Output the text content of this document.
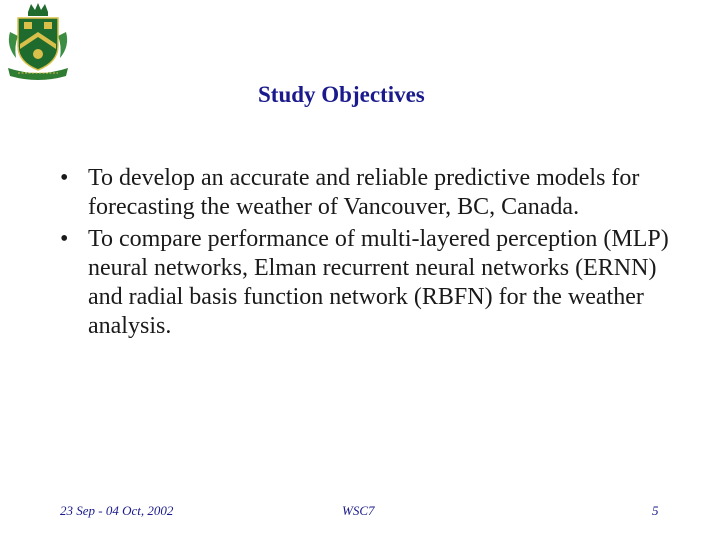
Study Objectives
• To develop an accurate and reliable predictive models for forecasting the weather of Vancouver, BC, Canada.
• To compare performance of multi-layered perception (MLP) neural networks, Elman recurrent neural networks (ERNN) and radial basis function network (RBFN) for the weather analysis.
23 Sep - 04 Oct, 2002	WSC7	5
